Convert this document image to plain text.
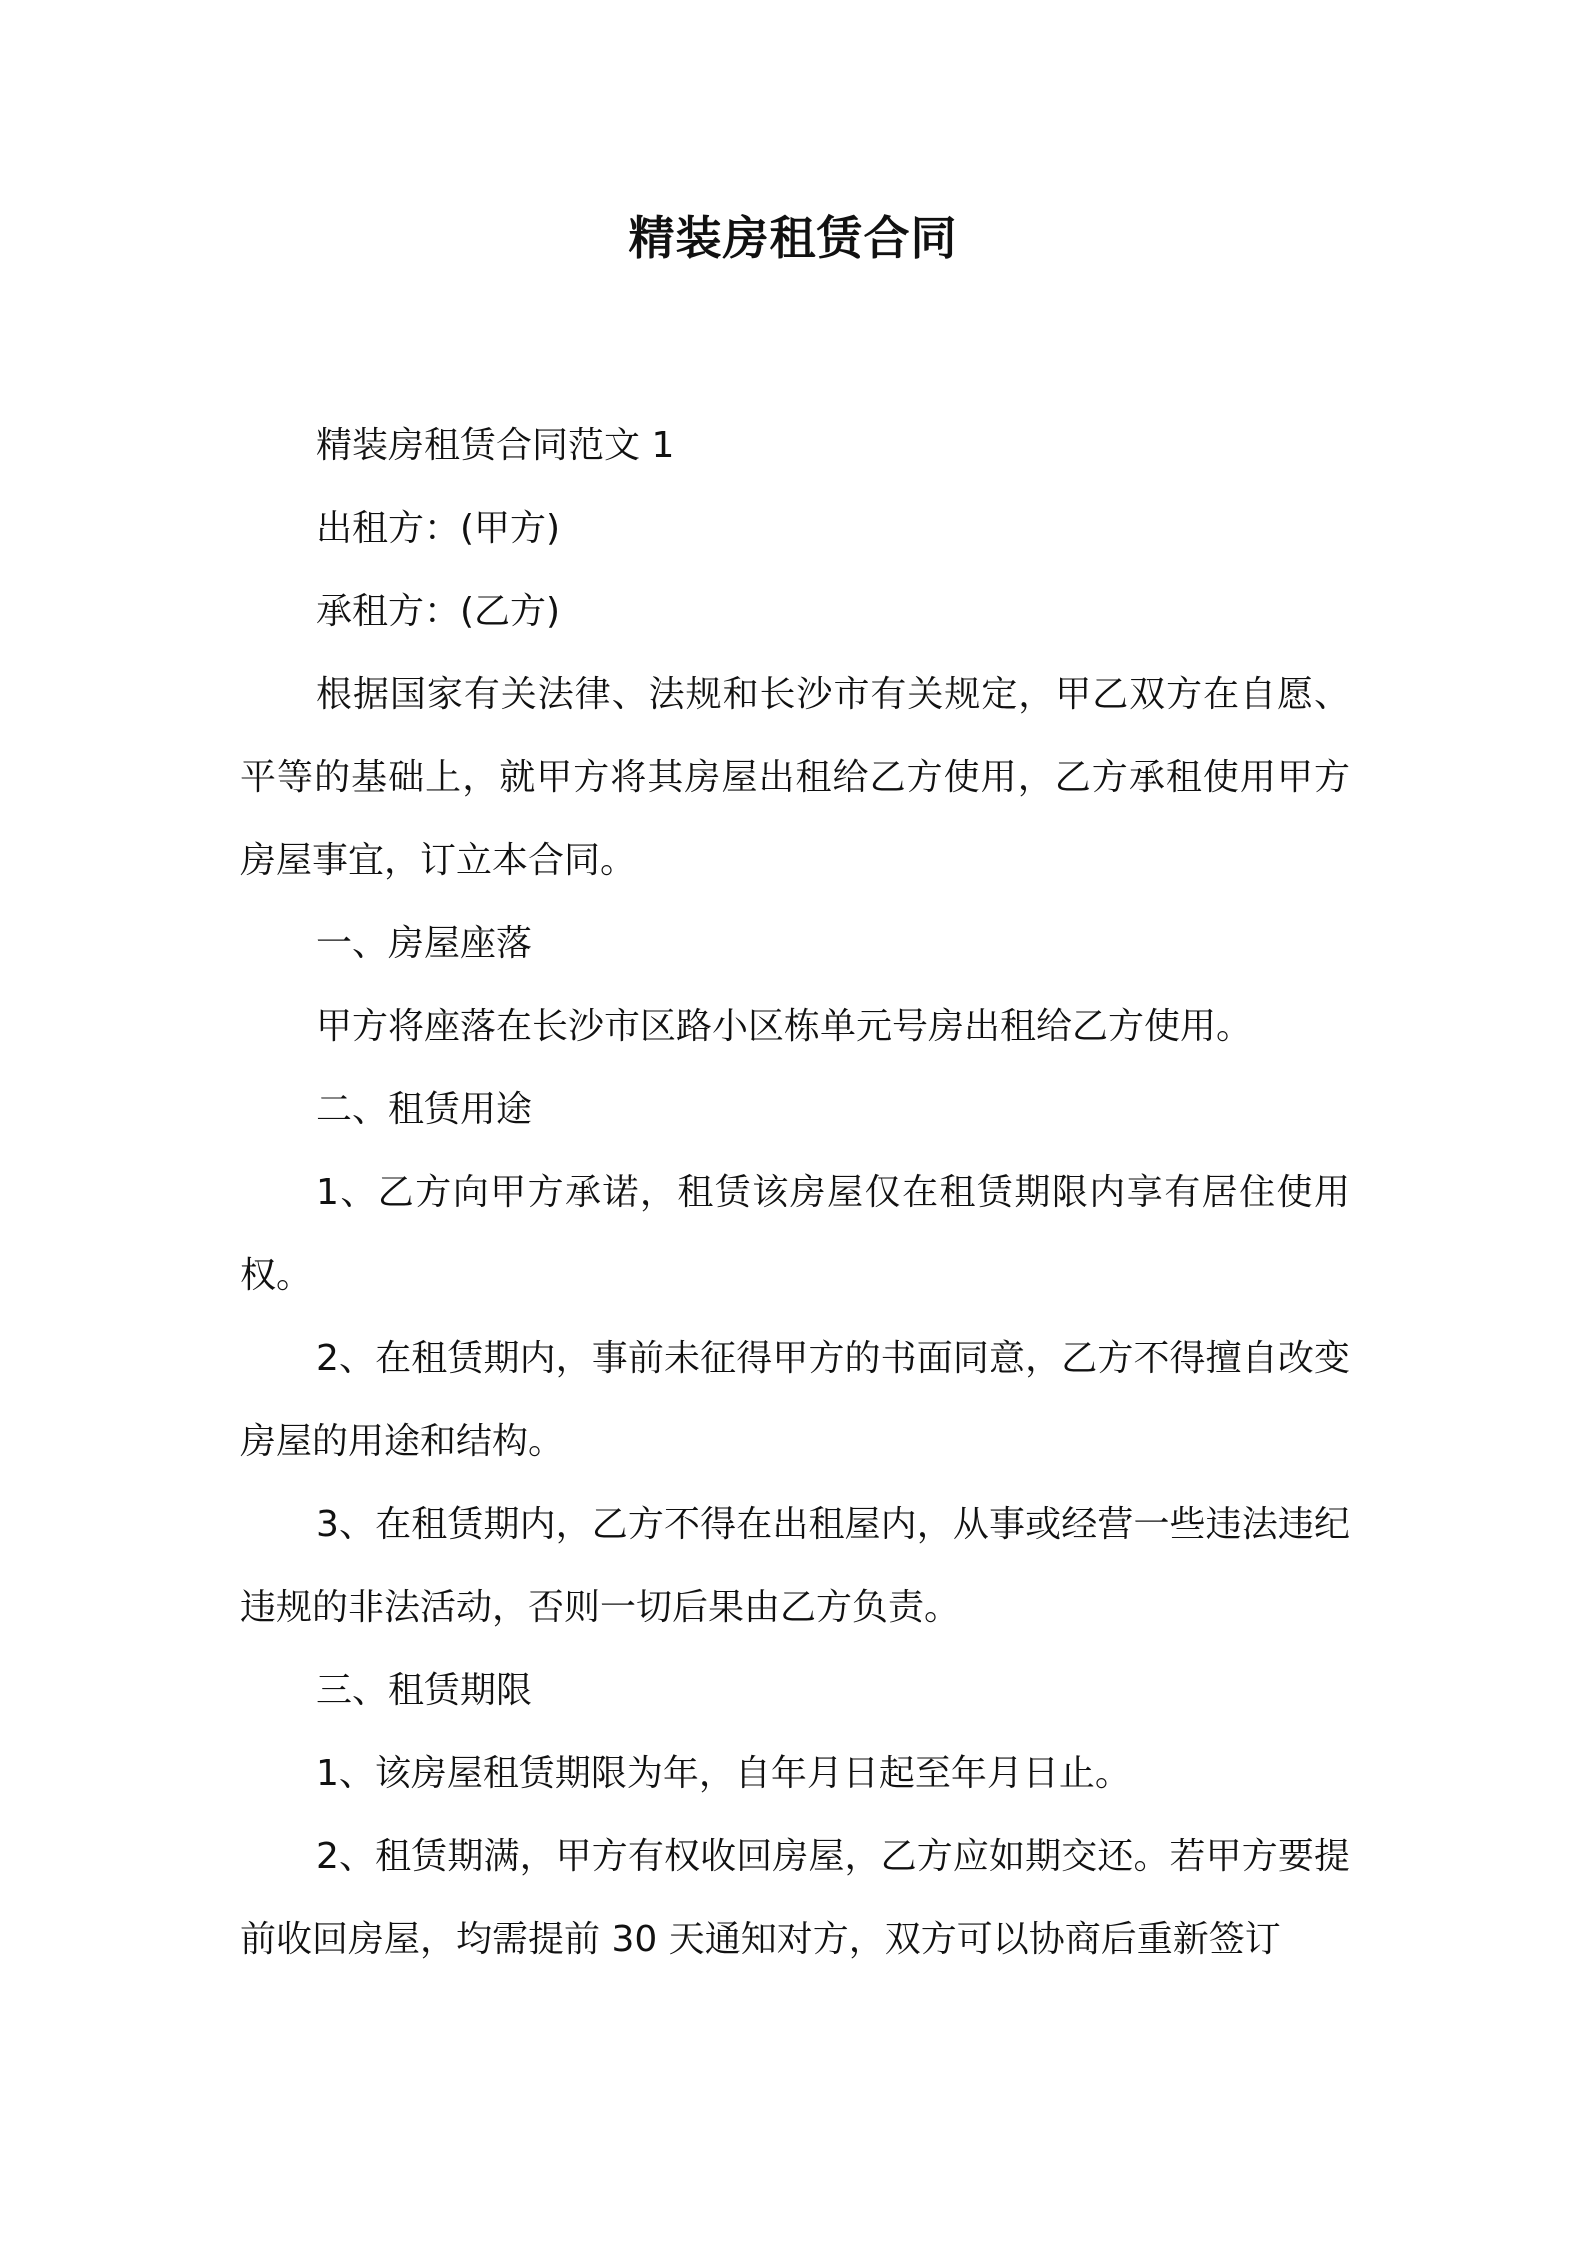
精装房租赁合同

精装房租赁合同范文 1

出租方：(甲方)

承租方：(乙方)

根据国家有关法律、法规和长沙市有关规定，甲乙双方在自愿、平等的基础上，就甲方将其房屋出租给乙方使用，乙方承租使用甲方房屋事宜，订立本合同。

一、房屋座落

甲方将座落在长沙市区路小区栋单元号房出租给乙方使用。

二、租赁用途

1、乙方向甲方承诺，租赁该房屋仅在租赁期限内享有居住使用权。

2、在租赁期内，事前未征得甲方的书面同意，乙方不得擅自改变房屋的用途和结构。

3、在租赁期内，乙方不得在出租屋内，从事或经营一些违法违纪违规的非法活动，否则一切后果由乙方负责。

三、租赁期限

1、该房屋租赁期限为年，自年月日起至年月日止。

2、租赁期满，甲方有权收回房屋，乙方应如期交还。若甲方要提前收回房屋，均需提前 30 天通知对方，双方可以协商后重新签订
